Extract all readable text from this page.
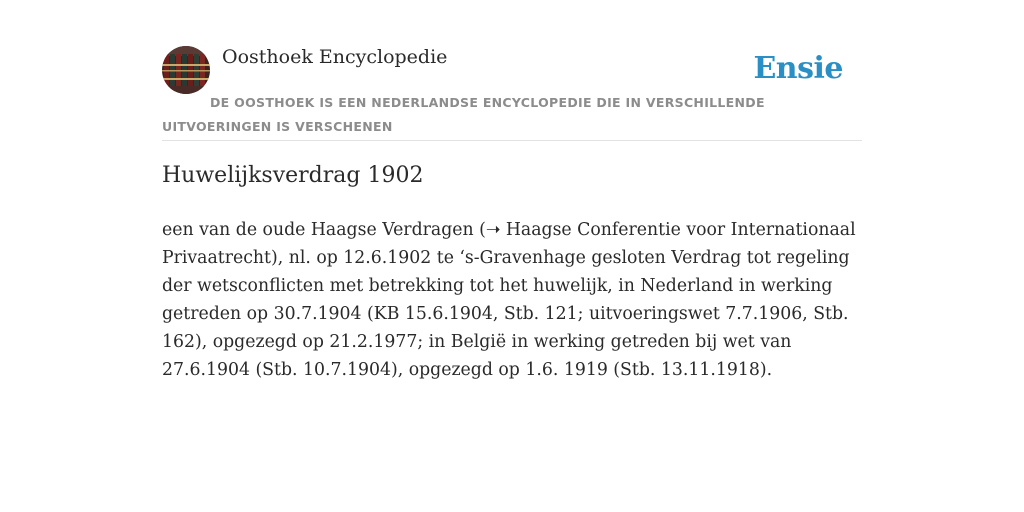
Oosthoek Encyclopedie	Ensie
DE OOSTHOEK IS EEN NEDERLANDSE ENCYCLOPEDIE DIE IN VERSCHILLENDE UITVOERINGEN IS VERSCHENEN
Huwelijksverdrag 1902

een van de oude Haagse Verdragen (➝ Haagse Conferentie voor Internationaal Privaatrecht), nl. op 12.6.1902 te ‘s-Gravenhage gesloten Verdrag tot regeling der wetsconflicten met betrekking tot het huwelijk, in Nederland in werking getreden op 30.7.1904 (KB 15.6.1904, Stb. 121; uitvoeringswet 7.7.1906, Stb. 162), opgezegd op 21.2.1977; in België in werking getreden bij wet van 27.6.1904 (Stb. 10.7.1904), opgezegd op 1.6. 1919 (Stb. 13.11.1918).
